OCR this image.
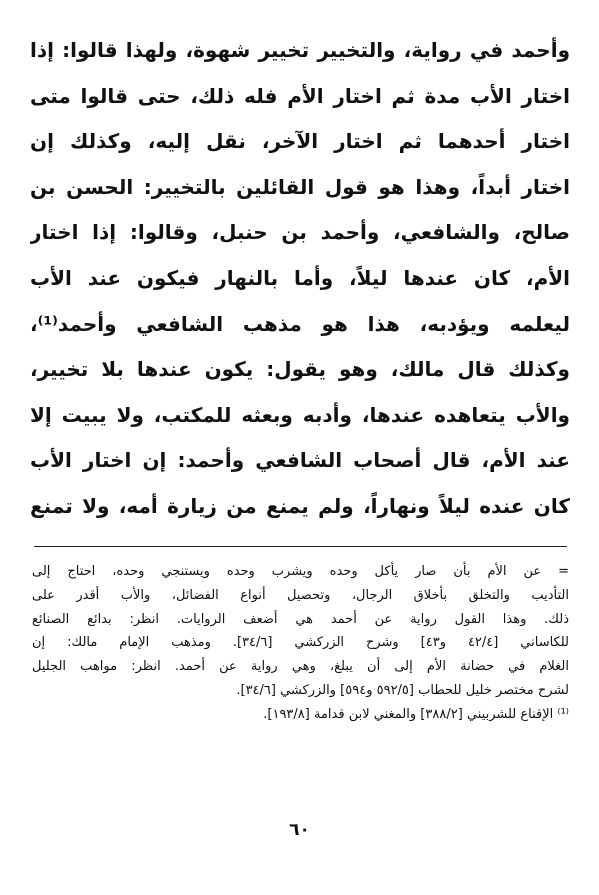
وأحمد في رواية، والتخيير تخيير شهوة، ولهذا قالوا: إذا
اختار الأب مدة ثم اختار الأم فله ذلك، حتى قالوا متى
اختار أحدهما ثم اختار الآخر، نقل إليه، وكذلك إن
اختار أبداً، وهذا هو قول القائلين بالتخيير: الحسن بن
صالح، والشافعي، وأحمد بن حنبل، وقالوا: إذا اختار
الأم، كان عندها ليلاً، وأما بالنهار فيكون عند الأب
ليعلمه ويؤدبه، هذا هو مذهب الشافعي وأحمد⁽¹⁾،
وكذلك قال مالك، وهو يقول: يكون عندها بلا تخيير،
والأب يتعاهده عندها، وأدبه وبعثه للمكتب، ولا يبيت إلا
عند الأم، قال أصحاب الشافعي وأحمد: إن اختار الأب
كان عنده ليلاً ونهاراً، ولم يمنع من زيارة أمه، ولا تمنع
= عن الأم بأن صار يأكل وحده ويشرب وحده ويستنجي وحده، احتاج إلى
التأديب والتخلق بأخلاق الرجال، وتحصيل أنواع الفضائل، والأب أقدر على
ذلك. وهذا القول رواية عن أحمد هي أضعف الروايات. انظر: بدائع الصنائع
للكاساني [٤٢/٤ و٤٣] وشرح الزركشي [٣٤/٦]. ومذهب الإمام مالك: إن
الغلام في حضانة الأم إلى أن يبلغ، وهي رواية عن أحمد. انظر: مواهب الجليل
لشرح مختصر خليل للحطاب [٥٩٢/٥ و٥٩٤] والزركشي [٣٤/٦].
⁽¹⁾ الإقناع للشربيني [٣٨٨/٢] والمغني لابن قدامة [١٩٣/٨].
٦٠
